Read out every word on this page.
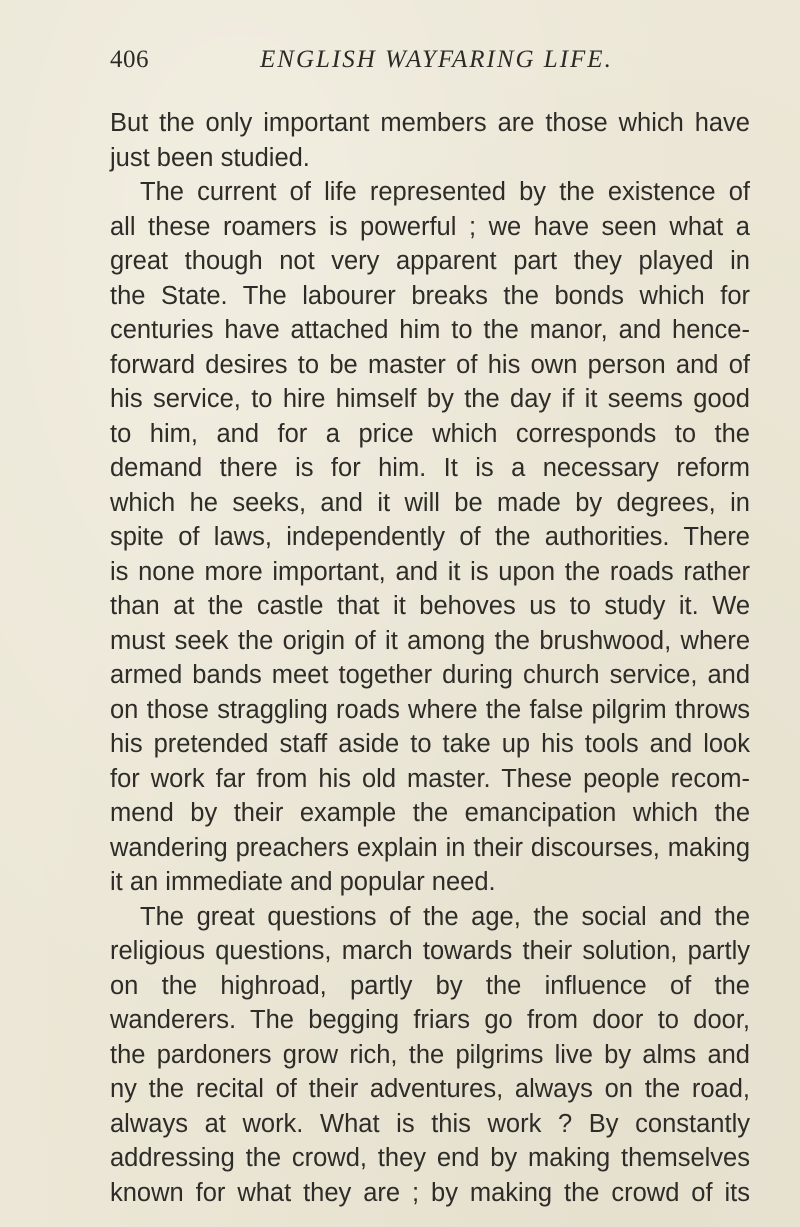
406	ENGLISH WAYFARING LIFE.
But the only important members are those which have
just been studied.
The current of life represented by the existence of
all these roamers is powerful ; we have seen what a
great though not very apparent part they played in
the State. The labourer breaks the bonds which for
centuries have attached him to the manor, and hence-
forward desires to be master of his own person and of
his service, to hire himself by the day if it seems good
to him, and for a price which corresponds to the
demand there is for him. It is a necessary reform
which he seeks, and it will be made by degrees, in
spite of laws, independently of the authorities. There
is none more important, and it is upon the roads rather
than at the castle that it behoves us to study it. We
must seek the origin of it among the brushwood, where
armed bands meet together during church service, and
on those straggling roads where the false pilgrim throws
his pretended staff aside to take up his tools and look
for work far from his old master. These people recom-
mend by their example the emancipation which the
wandering preachers explain in their discourses, making
it an immediate and popular need.
The great questions of the age, the social and the
religious questions, march towards their solution, partly
on the highroad, partly by the influence of the
wanderers. The begging friars go from door to door,
the pardoners grow rich, the pilgrims live by alms and
ny the recital of their adventures, always on the road,
always at work. What is this work ? By constantly
addressing the crowd, they end by making themselves
known for what they are ; by making the crowd of its
